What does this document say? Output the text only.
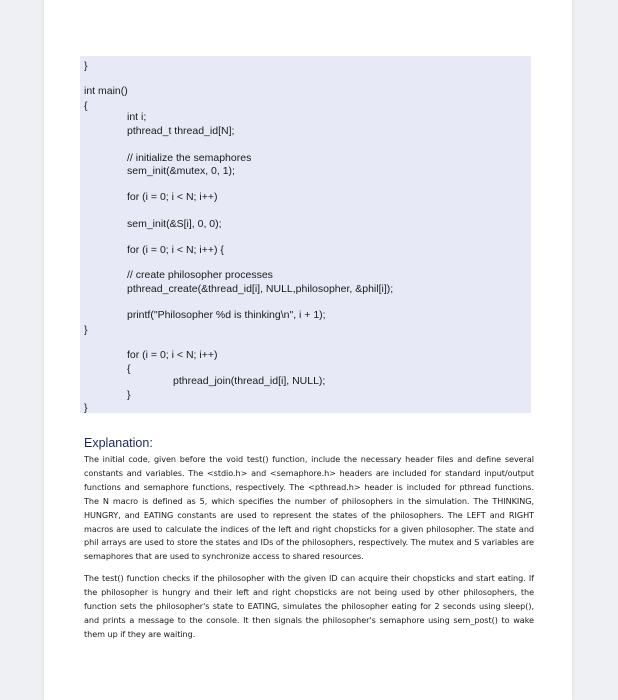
}
int main()
{
int i;
pthread_t thread_id[N];
// initialize the semaphores
sem_init(&mutex, 0, 1);
for (i = 0; i < N; i++)
sem_init(&S[i], 0, 0);
for (i = 0; i < N; i++) {
// create philosopher processes
pthread_create(&thread_id[i], NULL,philosopher, &phil[i]);
printf("Philosopher %d is thinking\n", i + 1);
}
for (i = 0; i < N; i++)
{
pthread_join(thread_id[i], NULL);
}
}
Explanation:

The initial code, given before the void test() function, include the necessary header files and define several constants and variables. The <stdio.h> and <semaphore.h> headers are included for standard input/output functions and semaphore functions, respectively. The <pthread.h> header is included for pthread functions. The N macro is defined as 5, which specifies the number of philosophers in the simulation. The THINKING, HUNGRY, and EATING constants are used to represent the states of the philosophers. The LEFT and RIGHT macros are used to calculate the indices of the left and right chopsticks for a given philosopher. The state and phil arrays are used to store the states and IDs of the philosophers, respectively. The mutex and S variables are semaphores that are used to synchronize access to shared resources.

The test() function checks if the philosopher with the given ID can acquire their chopsticks and start eating. If the philosopher is hungry and their left and right chopsticks are not being used by other philosophers, the function sets the philosopher's state to EATING, simulates the philosopher eating for 2 seconds using sleep(), and prints a message to the console. It then signals the philosopher's semaphore using sem_post() to wake them up if they are waiting.
